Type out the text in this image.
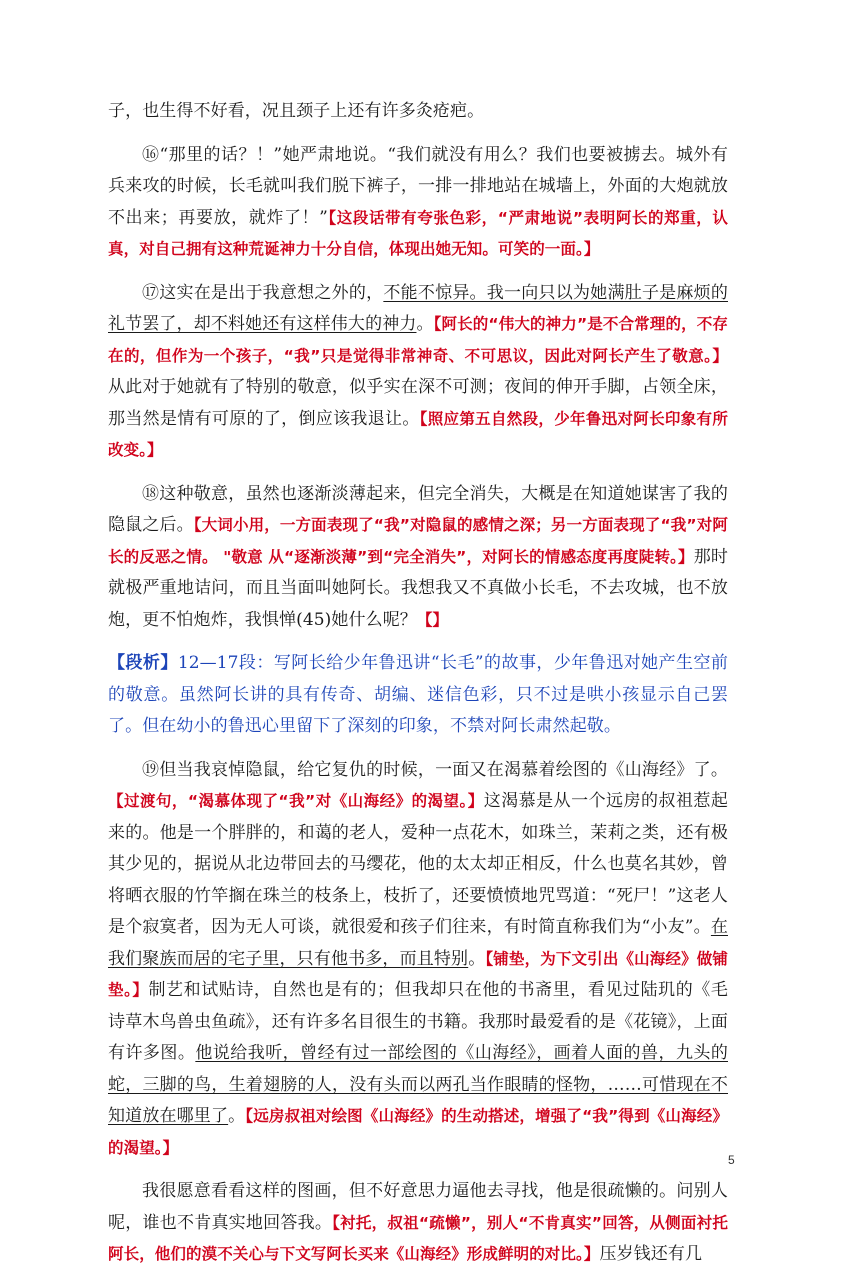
子，也生得不好看，况且颈子上还有许多灸疮疤。

⑯“那里的话？！”她严肃地说。“我们就没有用么？我们也要被掳去。城外有兵来攻的时候，长毛就叫我们脱下裤子，一排一排地站在城墙上，外面的大炮就放不出来；再要放，就炸了！”【这段话带有夸张色彩，“严肃地说”表明阿长的郑重，认真，对自己拥有这种荒诞神力十分自信，体现出她无知。可笑的一面。】

⑰这实在是出于我意想之外的，不能不惊异。我一向只以为她满肚子是麻烦的礼节罢了，却不料她还有这样伟大的神力。【阿长的“伟大的神力”是不合常理的，不存在的，但作为一个孩子，“我”只是觉得非常神奇、不可思议，因此对阿长产生了敬意。】从此对于她就有了特别的敬意，似乎实在深不可测；夜间的伸开手脚，占领全床，那当然是情有可原的了，倒应该我退让。【照应第五自然段，少年鲁迅对阿长印象有所改变。】

⑱这种敬意，虽然也逐渐淡薄起来，但完全消失，大概是在知道她谋害了我的隐鼠之后。【大词小用，一方面表现了“我”对隐鼠的感情之深；另一方面表现了“我”对阿长的反恶之情。 "敬意 从“逐渐淡薄”到“完全消失”，对阿长的情感态度再度陡转。】那时就极严重地诘问，而且当面叫她阿长。我想我又不真做小长毛，不去攻城，也不放炮，更不怕炮炸，我惧惮(45)她什么呢？【】

【段析】12—17段：写阿长给少年鲁迅讲“长毛”的故事，少年鲁迅对她产生空前的敬意。虽然阿长讲的具有传奇、胡编、迷信色彩，只不过是哄小孩显示自己罢了。但在幼小的鲁迅心里留下了深刻的印象，不禁对阿长肃然起敬。

⑲但当我哀悼隐鼠，给它复仇的时候，一面又在渴慕着绘图的《山海经》了。【过渡句，“渴慕体现了“我”对《山海经》的渴望。】这渴慕是从一个远房的叔祖惹起来的。他是一个胖胖的，和蔼的老人，爱种一点花木，如珠兰，茉莉之类，还有极其少见的，据说从北边带回去的马缨花，他的太太却正相反，什么也莫名其妙，曾将晒衣服的竹竿搁在珠兰的枝条上，枝折了，还要愤愤地咒骂道：“死尸！”这老人是个寂寞者，因为无人可谈，就很爱和孩子们往来，有时简直称我们为“小友”。在我们聚族而居的宅子里，只有他书多，而且特别。【铺垫，为下文引出《山海经》做铺垫。】制艺和试贴诗，自然也是有的；但我却只在他的书斋里，看见过陆玑的《毛诗草木鸟兽虫鱼疏》，还有许多名目很生的书籍。我那时最爱看的是《花镜》，上面有许多图。他说给我听，曾经有过一部绘图的《山海经》，画着人面的兽，九头的蛇，三脚的鸟，生着翅膀的人，没有头而以两孔当作眼睛的怪物，……可惜现在不知道放在哪里了。【远房叔祖对绘图《山海经》的生动搭述，增强了“我”得到《山海经》的渴望。】

我很愿意看看这样的图画，但不好意思力逼他去寻找，他是很疏懒的。问别人呢，谁也不肯真实地回答我。【衬托，叔祖“疏懒”，别人“不肯真实”回答，从侧面衬托阿长，他们的漠不关心与下文写阿长买来《山海经》形成鲜明的对比。】压岁钱还有几

5
